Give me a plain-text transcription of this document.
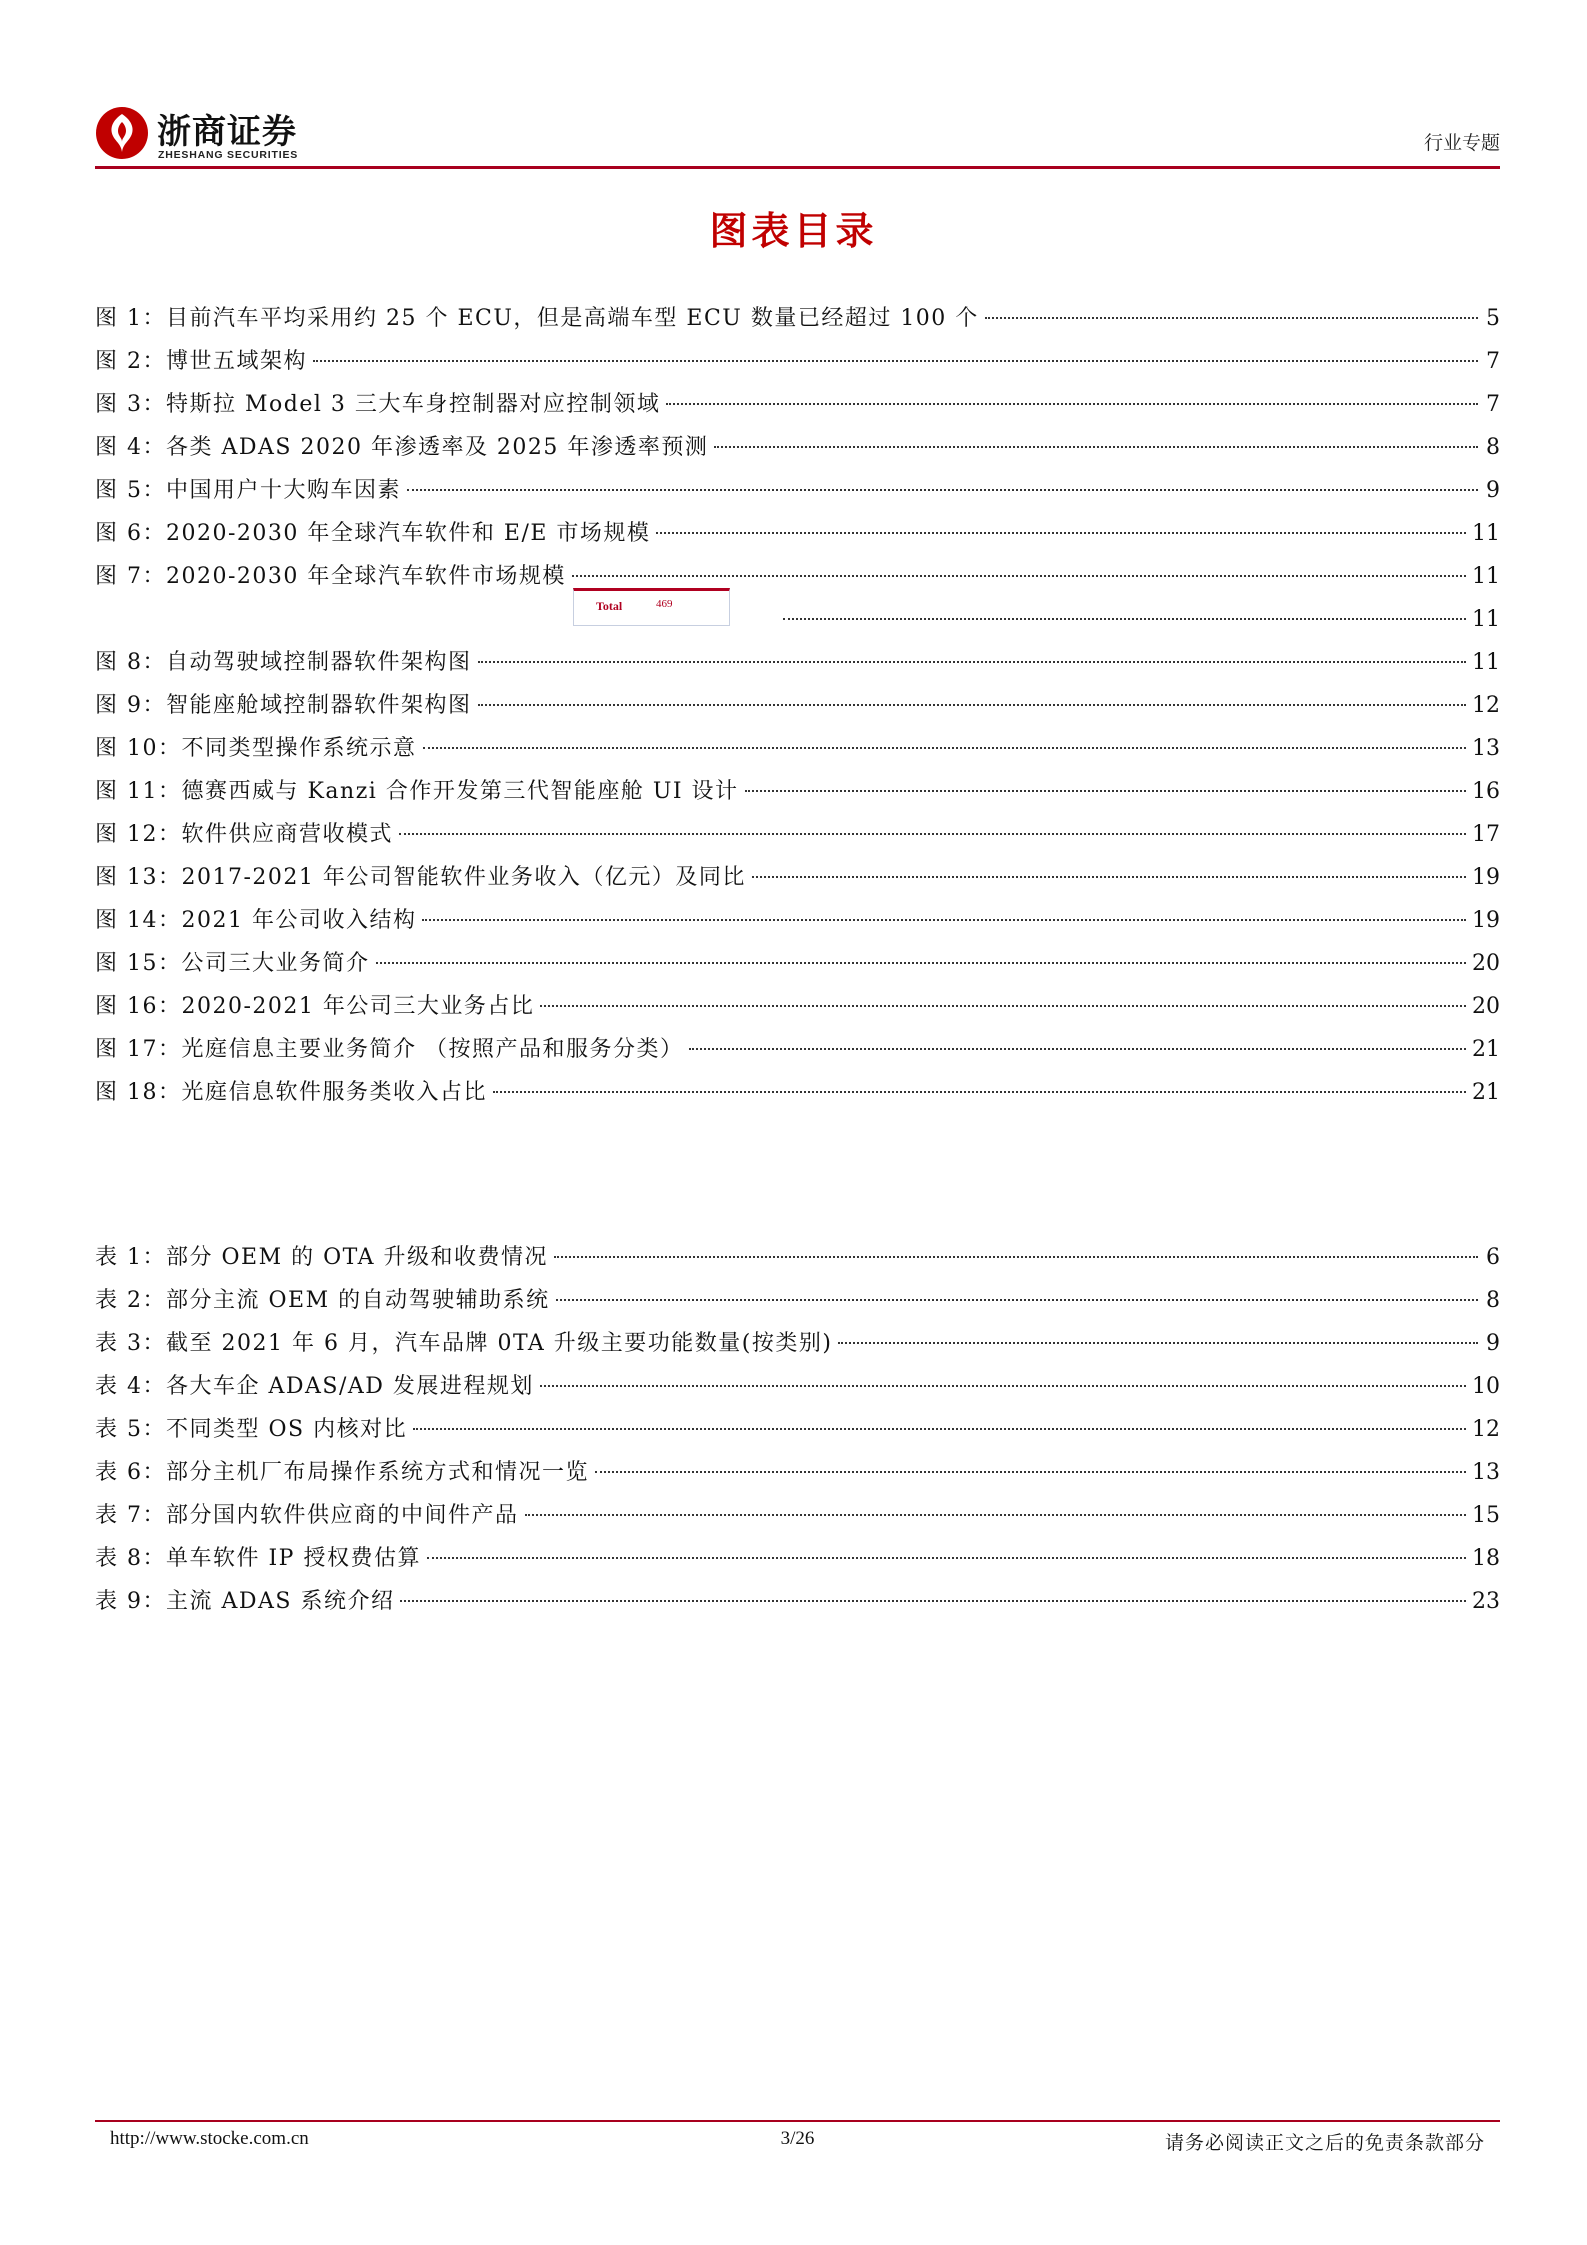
浙商证券
ZHESHANG SECURITIES
行业专题
图表目录
图 1：目前汽车平均采用约 25 个 ECU，但是高端车型 ECU 数量已经超过 100 个	5
图 2：博世五域架构	7
图 3：特斯拉 Model 3 三大车身控制器对应控制领域	7
图 4：各类 ADAS 2020 年渗透率及 2025 年渗透率预测	8
图 5：中国用户十大购车因素	9
图 6：2020-2030 年全球汽车软件和 E/E 市场规模	11
图 7：2020-2030 年全球汽车软件市场规模	11
11
图 8：自动驾驶域控制器软件架构图	11
图 9：智能座舱域控制器软件架构图	12
图 10：不同类型操作系统示意	13
图 11：德赛西威与 Kanzi 合作开发第三代智能座舱 UI 设计	16
图 12：软件供应商营收模式	17
图 13：2017-2021 年公司智能软件业务收入（亿元）及同比	19
图 14：2021 年公司收入结构	19
图 15：公司三大业务简介	20
图 16：2020-2021 年公司三大业务占比	20
图 17：光庭信息主要业务简介 （按照产品和服务分类）	21
图 18：光庭信息软件服务类收入占比	21
Total	469
表 1：部分 OEM 的 OTA 升级和收费情况	6
表 2：部分主流 OEM 的自动驾驶辅助系统	8
表 3：截至 2021 年 6 月，汽车品牌 0TA 升级主要功能数量(按类别)	9
表 4：各大车企 ADAS/AD 发展进程规划	10
表 5：不同类型 OS 内核对比	12
表 6：部分主机厂布局操作系统方式和情况一览	13
表 7：部分国内软件供应商的中间件产品	15
表 8：单车软件 IP 授权费估算	18
表 9：主流 ADAS 系统介绍	23
http://www.stocke.com.cn	3/26	请务必阅读正文之后的免责条款部分
